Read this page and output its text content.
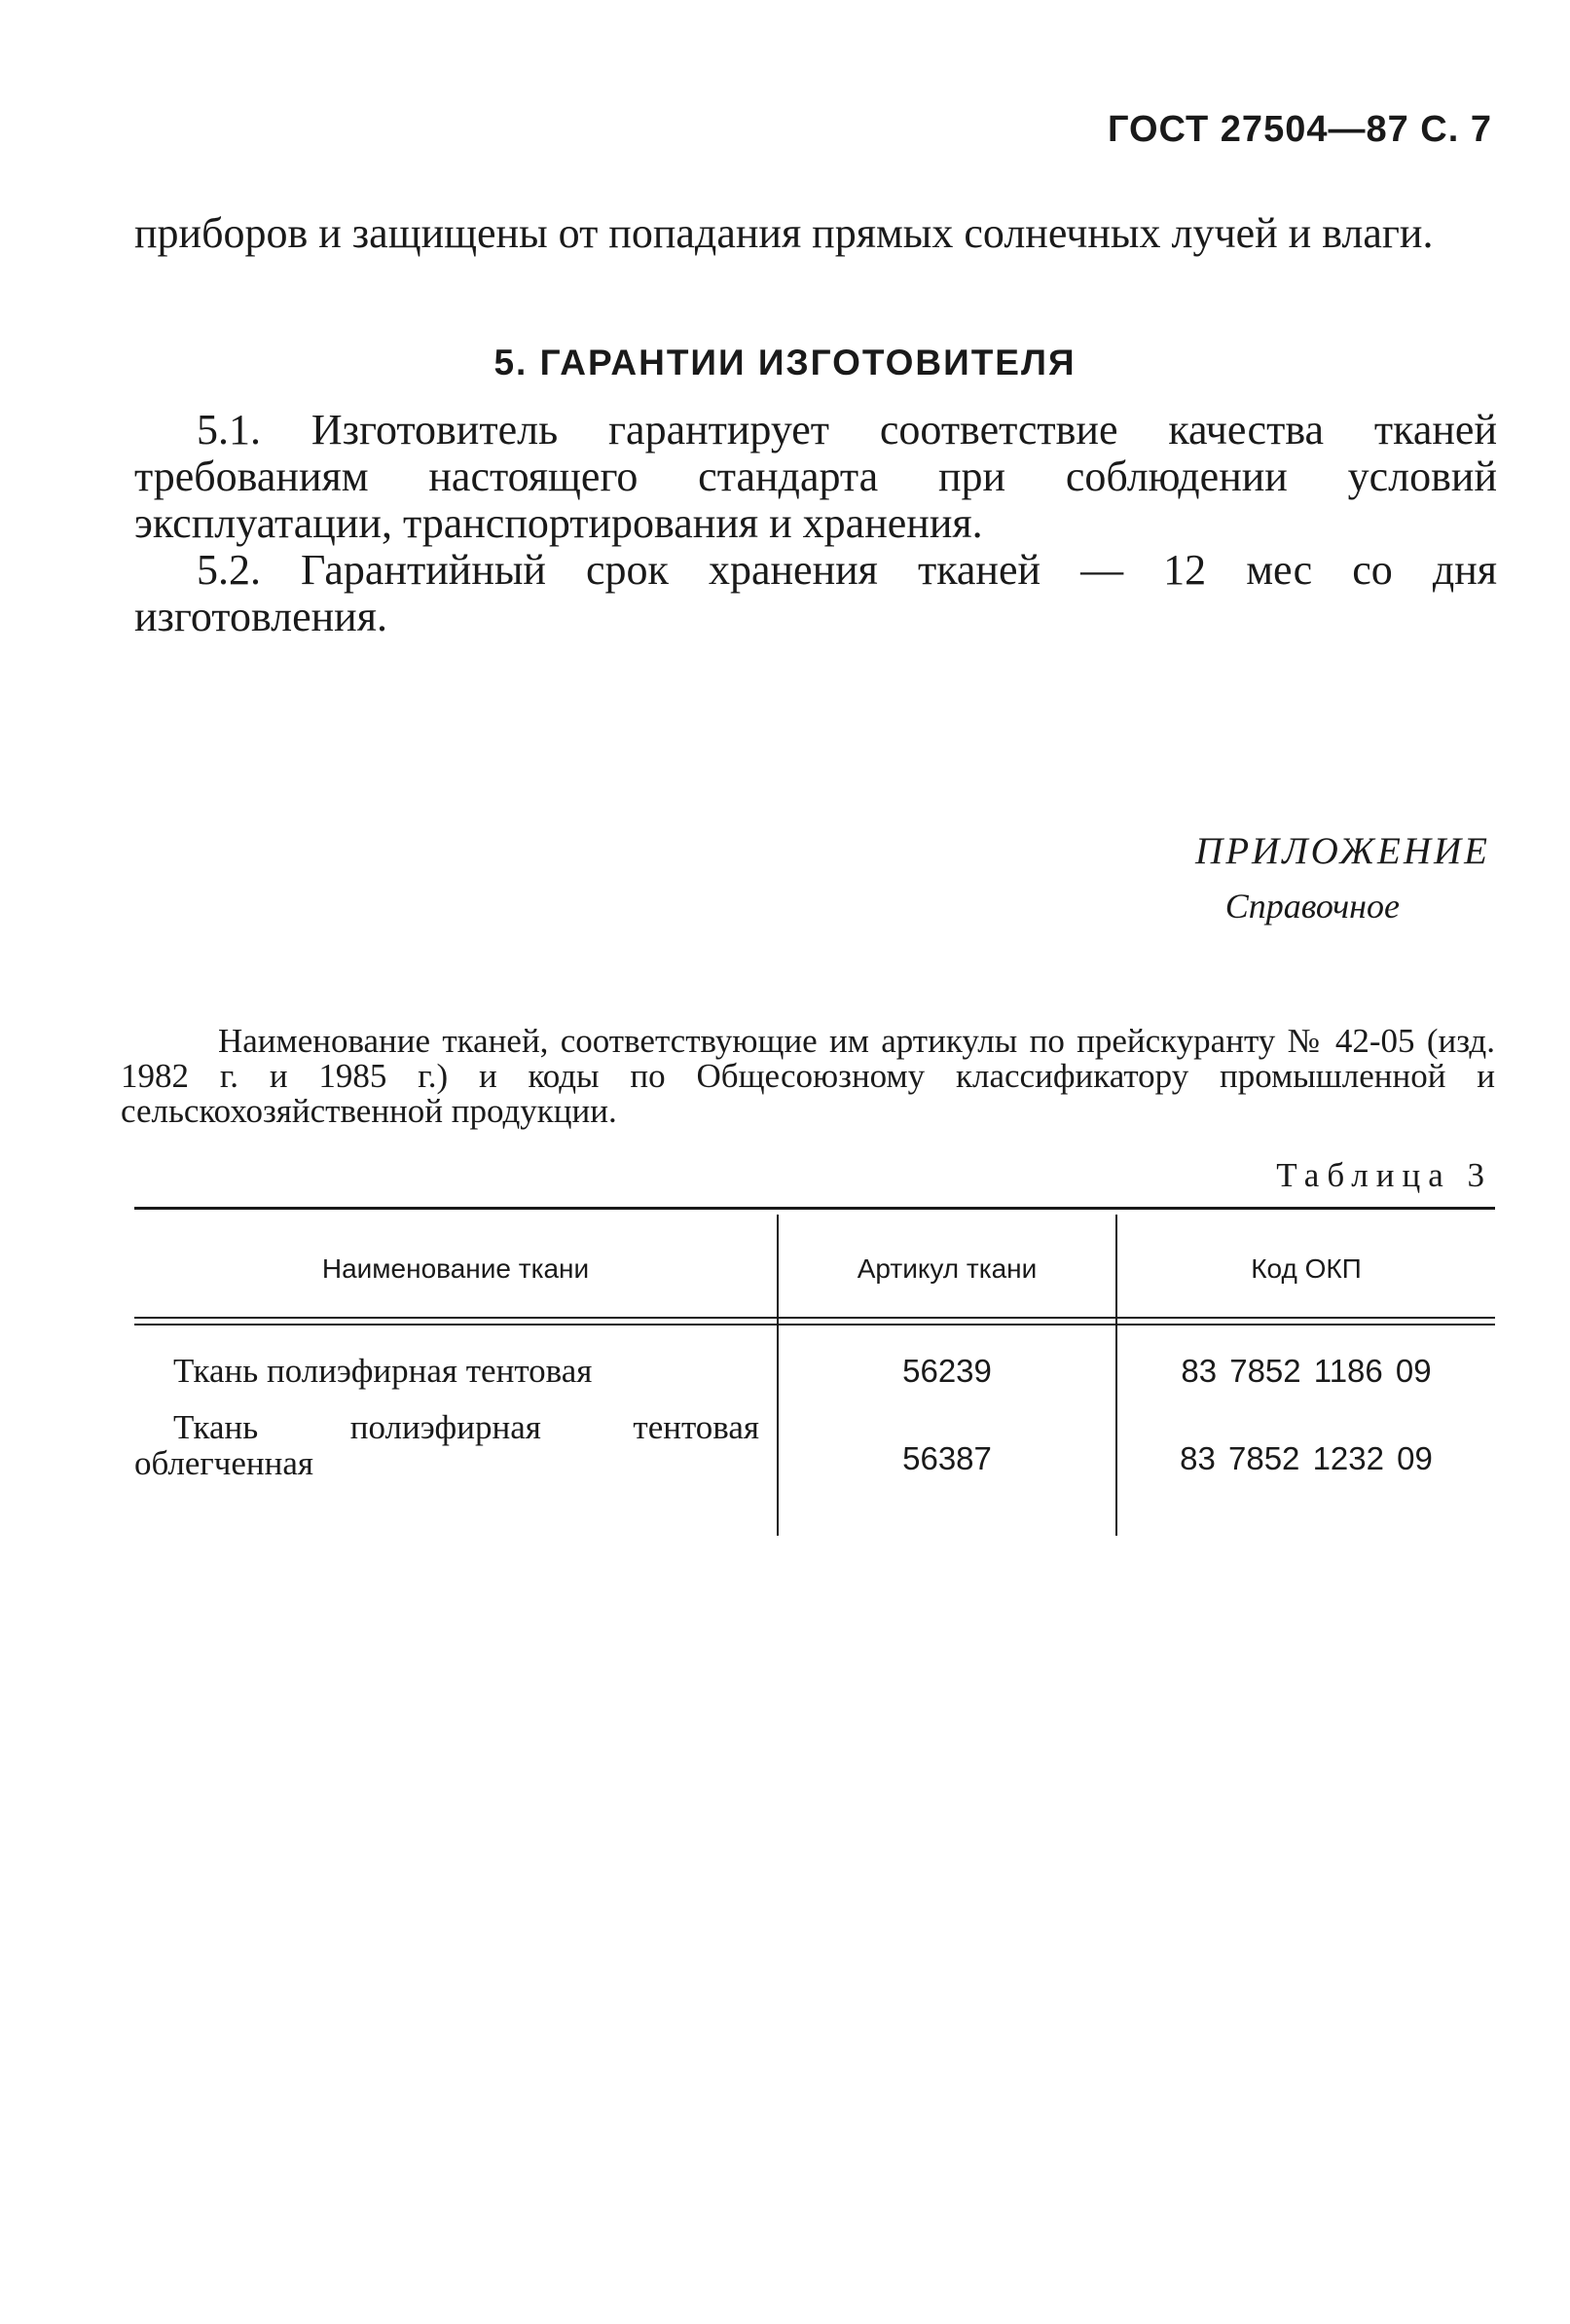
ГОСТ 27504—87 С. 7
приборов и защищены от попадания прямых солнечных лучей и влаги.
5. ГАРАНТИИ ИЗГОТОВИТЕЛЯ

5.1. Изготовитель гарантирует соответствие качества тканей требованиям настоящего стандарта при соблюдении условий эксплуатации, транспортирования и хранения.

5.2. Гарантийный срок хранения тканей — 12 мес со дня изготовления.

ПРИЛОЖЕНИЕ
Справочное
Наименование тканей, соответствующие им артикулы по прейскуранту № 42-05 (изд. 1982 г. и 1985 г.) и коды по Общесоюзному классификатору промышленной и сельскохозяйственной продукции.
Таблица 3
Наименование ткани	Артикул ткани	Код ОКП
Ткань полиэфирная тентовая	56239	83 7852 1186 09
Ткань полиэфирная тентовая облегченная	56387	83 7852 1232 09
